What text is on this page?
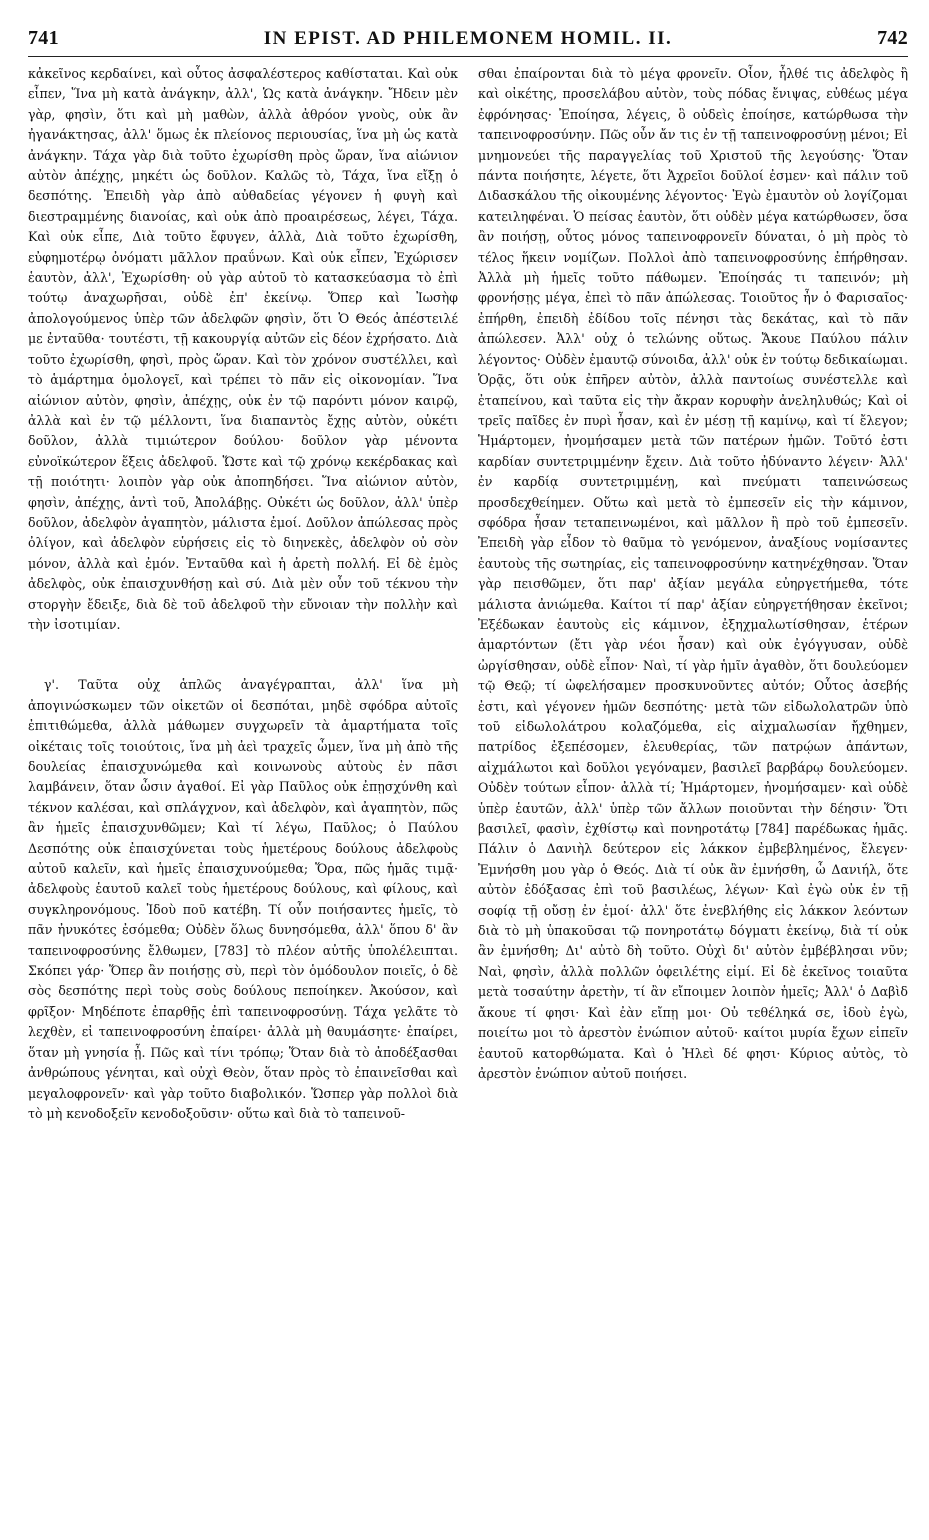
741	IN EPIST. AD PHILEMONEM HOMIL. II.	742

κἀκεῖνος κερδαίνει, καὶ οὗτος ἀσφαλέστερος καθίσταται. Καὶ οὐκ εἶπεν, Ἵνα μὴ κατὰ ἀνάγκην, ἀλλ', Ὡς κατὰ ἀνάγκην. Ἤδειν μὲν γὰρ, φησὶν, ὅτι καὶ μὴ μαθὼν, ἀλλὰ ἀθρόον γνοὺς, οὐκ ἂν ἠγανάκτησας, ἀλλ' ὅμως ἐκ πλείονος περιουσίας, ἵνα μὴ ὡς κατὰ ἀνάγκην. Τάχα γὰρ διὰ τοῦτο ἐχωρίσθη πρὸς ὥραν, ἵνα αἰώνιον αὐτὸν ἀπέχῃς, μηκέτι ὡς δοῦλον. Καλῶς τὸ, Τάχα, ἵνα εἴξῃ ὁ δεσπότης. Ἐπειδὴ γὰρ ἀπὸ αὐθαδείας γέγονεν ἡ φυγὴ καὶ διεστραμμένης διανοίας, καὶ οὐκ ἀπὸ προαιρέσεως, λέγει, Τάχα. Καὶ οὐκ εἶπε, Διὰ τοῦτο ἔφυγεν, ἀλλὰ, Διὰ τοῦτο ἐχωρίσθη, εὐφημοτέρῳ ὀνόματι μᾶλλον πραΰνων. Καὶ οὐκ εἶπεν, Ἐχώρισεν ἑαυτὸν, ἀλλ', Ἐχωρίσθη· οὐ γὰρ αὐτοῦ τὸ κατασκεύασμα τὸ ἐπὶ τούτῳ ἀναχωρῆσαι, οὐδὲ ἐπ' ἐκείνῳ. Ὅπερ καὶ Ἰωσὴφ ἀπολογούμενος ὑπὲρ τῶν ἀδελφῶν φησὶν, ὅτι Ὁ Θεός ἀπέστειλέ με ἐνταῦθα· τουτέστι, τῇ κακουργίᾳ αὐτῶν εἰς δέον ἐχρήσατο. Διὰ τοῦτο ἐχωρίσθη, φησὶ, πρὸς ὥραν. Καὶ τὸν χρόνον συστέλλει, καὶ τὸ ἁμάρτημα ὁμολογεῖ, καὶ τρέπει τὸ πᾶν εἰς οἰκονομίαν. Ἵνα αἰώνιον αὐτὸν, φησὶν, ἀπέχῃς, οὐκ ἐν τῷ παρόντι μόνον καιρῷ, ἀλλὰ καὶ ἐν τῷ μέλλοντι, ἵνα διαπαντὸς ἔχῃς αὐτὸν, οὐκέτι δοῦλον, ἀλλὰ τιμιώτερον δούλου· δοῦλον γὰρ μένοντα εὐνοϊκώτερον ἕξεις ἀδελφοῦ. Ὥστε καὶ τῷ χρόνῳ κεκέρδακας καὶ τῇ ποιότητι· λοιπὸν γὰρ οὐκ ἀποπηδήσει. Ἵνα αἰώνιον αὐτὸν, φησὶν, ἀπέχῃς, ἀντὶ τοῦ, Ἀπολάβῃς. Οὐκέτι ὡς δοῦλον, ἀλλ' ὑπὲρ δοῦλον, ἀδελφὸν ἀγαπητὸν, μάλιστα ἐμοί. Δοῦλον ἀπώλεσας πρὸς ὀλίγον, καὶ ἀδελφὸν εὑρήσεις εἰς τὸ διηνεκὲς, ἀδελφὸν οὐ σὸν μόνον, ἀλλὰ καὶ ἐμόν. Ἐνταῦθα καὶ ἡ ἀρετὴ πολλή. Εἰ δὲ ἐμὸς ἀδελφὸς, οὐκ ἐπαισχυνθήσῃ καὶ σύ. Διὰ μὲν οὖν τοῦ τέκνου τὴν στοργὴν ἔδειξε, διὰ δὲ τοῦ ἀδελφοῦ τὴν εὔνοιαν τὴν πολλὴν καὶ τὴν ἰσοτιμίαν.

γ'. Ταῦτα οὐχ ἁπλῶς ἀναγέγραπται, ἀλλ' ἵνα μὴ ἀπογινώσκωμεν τῶν οἰκετῶν οἱ δεσπόται, μηδὲ σφόδρα αὐτοῖς ἐπιτιθώμεθα, ἀλλὰ μάθωμεν συγχωρεῖν τὰ ἁμαρτήματα τοῖς οἰκέταις τοῖς τοιούτοις, ἵνα μὴ ἀεὶ τραχεῖς ὦμεν, ἵνα μὴ ἀπὸ τῆς δουλείας ἐπαισχυνώμεθα καὶ κοινωνοὺς αὐτοὺς ἐν πᾶσι λαμβάνειν, ὅταν ὦσιν ἀγαθοί. Εἰ γὰρ Παῦλος οὐκ ἐπῃσχύνθη καὶ τέκνον καλέσαι, καὶ σπλάγχνον, καὶ ἀδελφὸν, καὶ ἀγαπητὸν, πῶς ἂν ἡμεῖς ἐπαισχυνθῶμεν; Καὶ τί λέγω, Παῦλος; ὁ Παύλου Δεσπότης οὐκ ἐπαισχύνεται τοὺς ἡμετέρους δούλους ἀδελφοὺς αὐτοῦ καλεῖν, καὶ ἡμεῖς ἐπαισχυνούμεθα; Ὅρα, πῶς ἡμᾶς τιμᾷ· ἀδελφοὺς ἑαυτοῦ καλεῖ τοὺς ἡμετέρους δούλους, καὶ φίλους, καὶ συγκληρονόμους. Ἰδοὺ ποῦ κατέβη. Τί οὖν ποιήσαντες ἡμεῖς, τὸ πᾶν ἠνυκότες ἐσόμεθα; Οὐδὲν ὅλως δυνησόμεθα, ἀλλ' ὅπου δ' ἂν ταπεινοφροσύνης ἔλθωμεν, [783] τὸ πλέον αὐτῆς ὑπολέλειπται. Σκόπει γάρ· Ὅπερ ἂν ποιήσῃς σὺ, περὶ τὸν ὁμόδουλον ποιεῖς, ὁ δὲ σὸς δεσπότης περὶ τοὺς σοὺς δούλους πεποίηκεν. Ἀκούσον, καὶ φρῖξον· Μηδέποτε ἐπαρθῇς ἐπὶ ταπεινοφροσύνῃ. Τάχα γελᾶτε τὸ λεχθὲν, εἰ ταπεινοφροσύνη ἐπαίρει· ἀλλὰ μὴ θαυμάσητε· ἐπαίρει, ὅταν μὴ γνησία ᾖ. Πῶς καὶ τίνι τρόπῳ; Ὅταν διὰ τὸ ἀποδέξασθαι ἀνθρώπους γένηται, καὶ οὐχὶ Θεὸν, ὅταν πρὸς τὸ ἐπαινεῖσθαι καὶ μεγαλοφρονεῖν· καὶ γὰρ τοῦτο διαβολικόν. Ὥσπερ γὰρ πολλοὶ διὰ τὸ μὴ κενοδοξεῖν κενοδοξοῦσιν· οὕτω καὶ διὰ τὸ ταπεινοῦ-

σθαι ἐπαίρονται διὰ τὸ μέγα φρονεῖν. Οἷον, ἦλθέ τις ἀδελφὸς ἢ καὶ οἰκέτης, προσελάβου αὐτὸν, τοὺς πόδας ἔνιψας, εὐθέως μέγα ἐφρόνησας· Ἐποίησα, λέγεις, ὃ οὐδεὶς ἐποίησε, κατώρθωσα τὴν ταπεινοφροσύνην. Πῶς οὖν ἄν τις ἐν τῇ ταπεινοφροσύνῃ μένοι; Εἰ μνημονεύει τῆς παραγγελίας τοῦ Χριστοῦ τῆς λεγούσης· Ὅταν πάντα ποιήσητε, λέγετε, ὅτι Ἀχρεῖοι δοῦλοί ἐσμεν· καὶ πάλιν τοῦ Διδασκάλου τῆς οἰκουμένης λέγοντος· Ἐγὼ ἐμαυτὸν οὐ λογίζομαι κατειληφέναι. Ὁ πείσας ἑαυτὸν, ὅτι οὐδὲν μέγα κατώρθωσεν, ὅσα ἂν ποιήσῃ, οὗτος μόνος ταπεινοφρονεῖν δύναται, ὁ μὴ πρὸς τὸ τέλος ἥκειν νομίζων. Πολλοὶ ἀπὸ ταπεινοφροσύνης ἐπήρθησαν. Ἀλλὰ μὴ ἡμεῖς τοῦτο πάθωμεν. Ἐποίησάς τι ταπεινόν; μὴ φρονήσῃς μέγα, ἐπεὶ τὸ πᾶν ἀπώλεσας. Τοιοῦτος ἦν ὁ Φαρισαῖος· ἐπήρθη, ἐπειδὴ ἐδίδου τοῖς πένησι τὰς δεκάτας, καὶ τὸ πᾶν ἀπώλεσεν. Ἀλλ' οὐχ ὁ τελώνης οὕτως. Ἄκουε Παύλου πάλιν λέγοντος· Οὐδὲν ἐμαυτῷ σύνοιδα, ἀλλ' οὐκ ἐν τούτῳ δεδικαίωμαι. Ὁρᾷς, ὅτι οὐκ ἐπῆρεν αὐτὸν, ἀλλὰ παντοίως συνέστελλε καὶ ἐταπείνου, καὶ ταῦτα εἰς τὴν ἄκραν κορυφὴν ἀνεληλυθώς; Καὶ οἱ τρεῖς παῖδες ἐν πυρὶ ἦσαν, καὶ ἐν μέσῃ τῇ καμίνῳ, καὶ τί ἔλεγον; Ἡμάρτομεν, ἠνομήσαμεν μετὰ τῶν πατέρων ἡμῶν. Τοῦτό ἐστι καρδίαν συντετριμμένην ἔχειν. Διὰ τοῦτο ἠδύναντο λέγειν· Ἀλλ' ἐν καρδίᾳ συντετριμμένῃ, καὶ πνεύματι ταπεινώσεως προσδεχθείημεν. Οὕτω καὶ μετὰ τὸ ἐμπεσεῖν εἰς τὴν κάμινον, σφόδρα ἦσαν τεταπεινωμένοι, καὶ μᾶλλον ἢ πρὸ τοῦ ἐμπεσεῖν. Ἐπειδὴ γὰρ εἶδον τὸ θαῦμα τὸ γενόμενον, ἀναξίους νομίσαντες ἑαυτοὺς τῆς σωτηρίας, εἰς ταπεινοφροσύνην κατηνέχθησαν. Ὅταν γὰρ πεισθῶμεν, ὅτι παρ' ἀξίαν μεγάλα εὐηργετήμεθα, τότε μάλιστα ἀνιώμεθα. Καίτοι τί παρ' ἀξίαν εὐηργετήθησαν ἐκεῖνοι; Ἐξέδωκαν ἑαυτοὺς εἰς κάμινον, ἐξηχμαλωτίσθησαν, ἑτέρων ἁμαρτόντων (ἔτι γὰρ νέοι ἦσαν) καὶ οὐκ ἐγόγγυσαν, οὐδὲ ὠργίσθησαν, οὐδὲ εἶπον· Ναὶ, τί γὰρ ἡμῖν ἀγαθὸν, ὅτι δουλεύομεν τῷ Θεῷ; τί ὠφελήσαμεν προσκυνοῦντες αὐτόν; Οὗτος ἀσεβής ἐστι, καὶ γέγονεν ἡμῶν δεσπότης· μετὰ τῶν εἰδωλολατρῶν ὑπὸ τοῦ εἰδωλολάτρου κολαζόμεθα, εἰς αἰχμαλωσίαν ἤχθημεν, πατρίδος ἐξεπέσομεν, ἐλευθερίας, τῶν πατρῴων ἁπάντων, αἰχμάλωτοι καὶ δοῦλοι γεγόναμεν, βασιλεῖ βαρβάρῳ δουλεύομεν. Οὐδὲν τούτων εἶπον· ἀλλὰ τί; Ἡμάρτομεν, ἠνομήσαμεν· καὶ οὐδὲ ὑπὲρ ἑαυτῶν, ἀλλ' ὑπὲρ τῶν ἄλλων ποιοῦνται τὴν δέησιν· Ὅτι βασιλεῖ, φασὶν, ἐχθίστῳ καὶ πονηροτάτῳ [784] παρέδωκας ἡμᾶς. Πάλιν ὁ Δανιὴλ δεύτερον εἰς λάκκον ἐμβεβλημένος, ἔλεγεν· Ἐμνήσθη μου γὰρ ὁ Θεός. Διὰ τί οὐκ ἂν ἐμνήσθη, ὦ Δανιήλ, ὅτε αὐτὸν ἐδόξασας ἐπὶ τοῦ βασιλέως, λέγων· Καὶ ἐγὼ οὐκ ἐν τῇ σοφίᾳ τῇ οὔσῃ ἐν ἐμοί· ἀλλ' ὅτε ἐνεβλήθης εἰς λάκκον λεόντων διὰ τὸ μὴ ὑπακοῦσαι τῷ πονηροτάτῳ δόγματι ἐκείνῳ, διὰ τί οὐκ ἂν ἐμνήσθη; Δι' αὐτὸ δὴ τοῦτο. Οὐχὶ δι' αὐτὸν ἐμβέβλησαι νῦν; Ναὶ, φησὶν, ἀλλὰ πολλῶν ὀφειλέτης εἰμί. Εἰ δὲ ἐκεῖνος τοιαῦτα μετὰ τοσαύτην ἀρετὴν, τί ἂν εἴποιμεν λοιπὸν ἡμεῖς; Ἀλλ' ὁ Δαβὶδ ἄκουε τί φησι· Καὶ ἐὰν εἴπῃ μοι· Οὐ τεθέληκά σε, ἰδοὺ ἐγὼ, ποιείτω μοι τὸ ἀρεστὸν ἐνώπιον αὐτοῦ· καίτοι μυρία ἔχων εἰπεῖν ἑαυτοῦ κατορθώματα. Καὶ ὁ Ἠλεὶ δέ φησι· Κύριος αὐτὸς, τὸ ἀρεστὸν ἐνώπιον αὐτοῦ ποιήσει.
